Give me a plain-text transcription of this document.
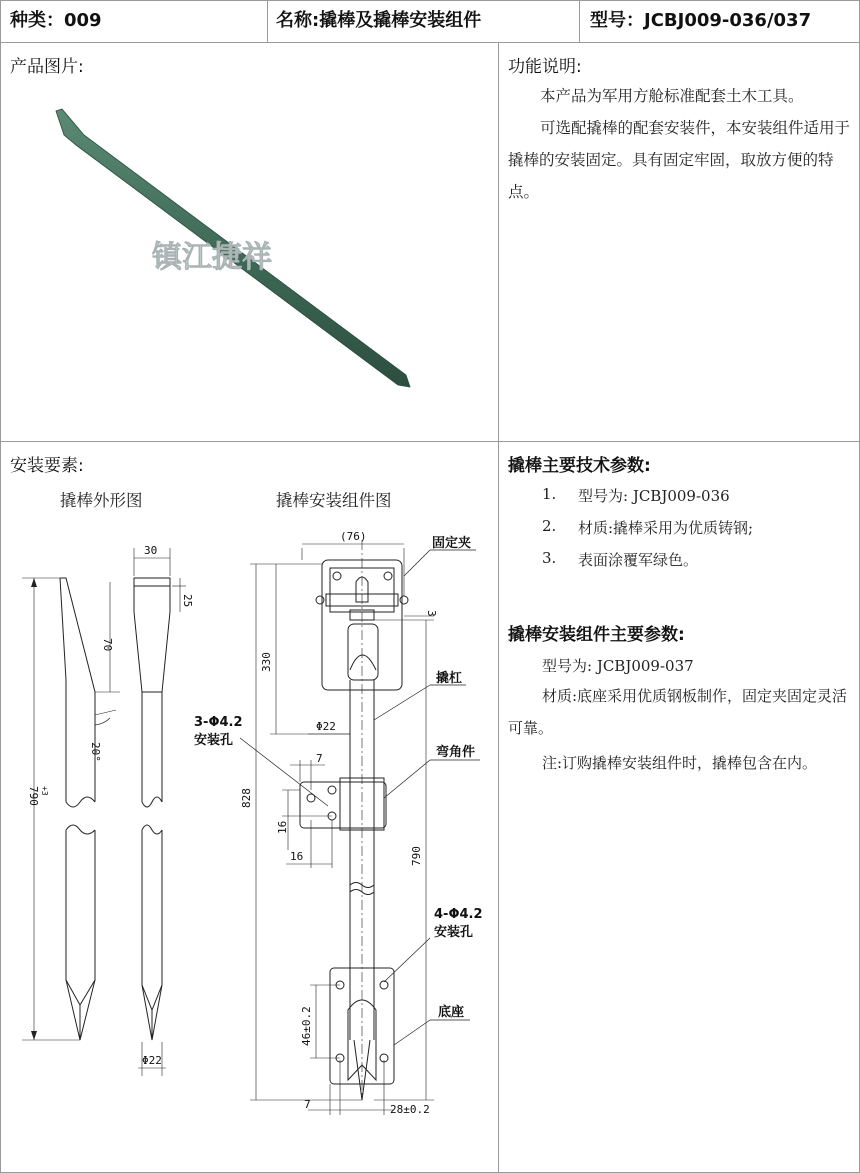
种类：009	名称:撬棒及撬棒安装组件	型号：JCBJ009-036/037
产品图片:
镇江捷祥
功能说明:
本产品为军用方舱标准配套土木工具。
可选配撬棒的配套安装件，本安装组件适用于撬棒的安装固定。具有固定牢固，取放方便的特点。
安装要素:
撬棒外形图	撬棒安装组件图
30
25
70
20°
790 +3
Φ22
固定夹
撬杠
3-Φ4.2
安装孔
弯角件
4-Φ4.2
安装孔
底座
(76)
3
330
Φ22
7
828
16
16	790
46±0.2
7	28±0.2
撬棒主要技术参数:
1. 型号为: JCBJ009-036
2. 材质:撬棒采用为优质铸钢;
3. 表面涂覆军绿色。
撬棒安装组件主要参数:
型号为: JCBJ009-037
材质:底座采用优质钢板制作，固定夹固定灵活可靠。
注:订购撬棒安装组件时，撬棒包含在内。
